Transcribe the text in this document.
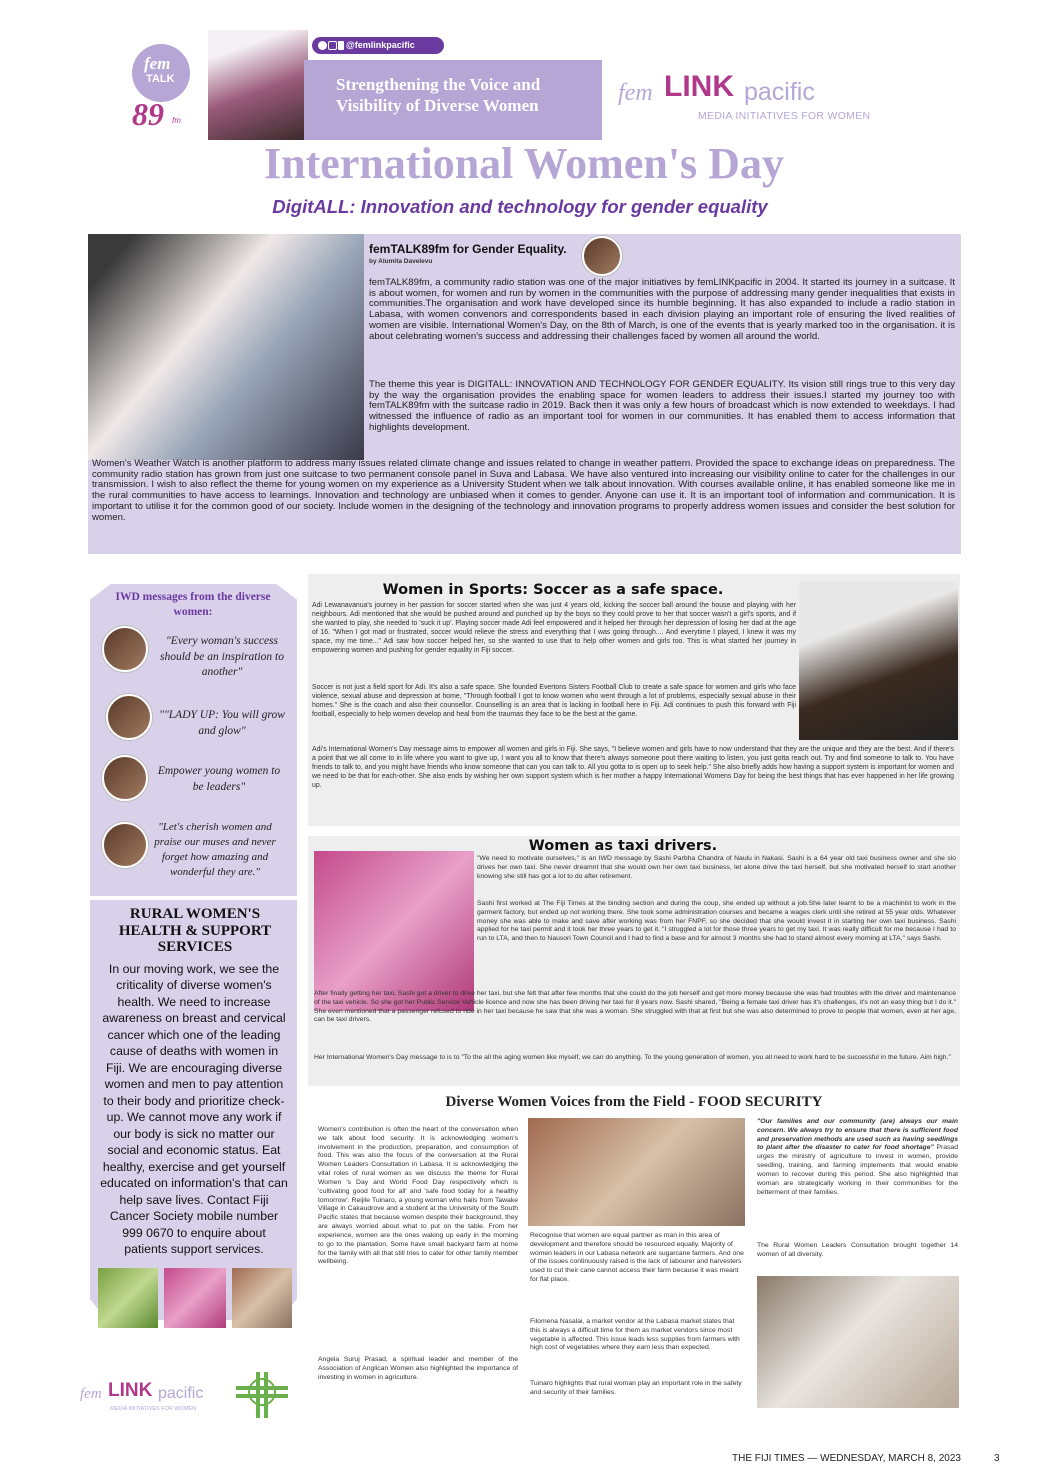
fem
TALK
89 fm
@femlinkpacific
Strengthening the Voice and
Visibility of Diverse Women	fem LINK pacific
MEDIA INITIATIVES FOR WOMEN
International Women's Day
DigitALL: Innovation and technology for gender equality
femTALK89fm for Gender Equality.
by Alumita Davelevu
femTALK89fm, a community radio station was one of the major initiatives by femLINKpacific in 2004. It started its journey in a suitcase. It is about women, for women and run by women in the communities with the purpose of addressing many gender inequalities that exists in communities.The organisation and work have developed since its humble beginning. It has also expanded to include a radio station in Labasa, with women convenors and correspondents based in each division playing an important role of ensuring the lived realities of women are visible. International Women's Day, on the 8th of March, is one of the events that is yearly marked too in the organisation. it is about celebrating women's success and addressing their challenges faced by women all around the world.
The theme this year is DIGITALL: INNOVATION AND TECHNOLOGY FOR GENDER EQUALITY. Its vision still rings true to this very day by the way the organisation provides the enabling space for women leaders to address their issues.I started my journey too with femTALK89fm with the suitcase radio in 2019. Back then it was only a few hours of broadcast which is now extended to weekdays. I had witnessed the influence of radio as an important tool for women in our communities. It has enabled them to access information that highlights development.
Women's Weather Watch is another platform to address many issues related climate change and issues related to change in weather pattern. Provided the space to exchange ideas on preparedness. The community radio station has grown from just one suitcase to two permanent console panel in Suva and Labasa. We have also ventured into increasing our visibility online to cater for the challenges in our transmission. I wish to also reflect the theme for young women on my experience as a University Student when we talk about innovation. With courses available online, it has enabled someone like me in the rural communities to have access to learnings. Innovation and technology are unbiased when it comes to gender. Anyone can use it. It is an important tool of information and communication. It is important to utilise it for the common good of our society. Include women in the designing of the technology and innovation programs to properly address women issues and consider the best solution for women.
IWD messages from the diverse women:
"Every woman's success should be an inspiration to another"
""LADY UP: You will grow and glow"
Empower young women to be leaders"
"Let's cherish women and praise our muses and never forget how amazing and wonderful they are."
RURAL WOMEN'S HEALTH & SUPPORT SERVICES
In our moving work, we see the criticality of diverse women's health. We need to increase awareness on breast and cervical cancer which one of the leading cause of deaths with women in Fiji. We are encouraging diverse women and men to pay attention to their body and prioritize check-up. We cannot move any work if our body is sick no matter our social and economic status. Eat healthy, exercise and get yourself educated on information's that can help save lives. Contact Fiji Cancer Society mobile number 999 0670 to enquire about patients support services.
fem LINK pacific
MEDIA INITIATIVES FOR WOMEN
Women in Sports: Soccer as a safe space.
Adi Lewanavanua's journey in her passion for soccer started when she was just 4 years old, kicking the soccer ball around the house and playing with her neighbours. Adi mentioned that she would be pushed around and punched up by the boys so they could prove to her that soccer wasn't a girl's sports, and if she wanted to play, she needed to 'suck it up'. Playing soccer made Adi feel empowered and it helped her through her depression of losing her dad at the age of 16. "When I got mad or frustrated, soccer would relieve the stress and everything that I was going through.... And everytime I played, I knew it was my space, my me time..." Adi saw how soccer helped her, so she wanted to use that to help other women and girls too. This is what started her journey in empowering women and pushing for gender equality in Fiji soccer.
Soccer is not just a field sport for Adi. It's also a safe space. She founded Evertons Sisters Football Club to create a safe space for women and girls who face violence, sexual abuse and depression at home, "Through football I got to know women who went through a lot of problems, especially sexual abuse in their homes." She is the coach and also their counsellor. Counselling is an area that is lacking in football here in Fiji. Adi continues to push this forward with Fiji football, especially to help women develop and heal from the traumas they face to be the best at the game.
Adi's International Women's Day message aims to empower all women and girls in Fiji. She says, "I believe women and girls have to now understand that they are the unique and they are the best. And if there's a point that we all come to in life where you want to give up, I want you all to know that there's always someone pout there waiting to listen, you just gotta reach out. Try and find someone to talk to. You have friends to talk to, and you might have friends who know someone that can you can talk to. All you gotta to is open up to seek help." She also briefly adds how having a support system is important for women and we need to be that for each-other. She also ends by wishing her own support system which is her mother a happy International Womens Day for being the best things that has ever happened in her life growing up.
Women as taxi drivers.
"We need to motivate ourselves," is an IWD message by Sashi Parbha Chandra of Naulu in Nakasi. Sashi is a 64 year old taxi business owner and she slo drives her own taxi. She never dreamnt that she would own her own taxi business, let alone drive the taxi herself, but she motivated herself to start another knowing she still has got a lot to do after retirement.
Sashi first worked at The Fiji Times at the binding section and during the coup, she ended up without a job.She later learnt to be a machinist to work in the garment factory, but ended up not working there. She took some administration courses and became a wages clerk until she retired at 55 year olds. Whatever money she was able to make and save after working was from her FNPF, so she decided that she would invest it in starting her own taxi business. Sashi applied for he taxi permit and it took her three years to get it. "I struggled a lot for those three years to get my taxi. It was really difficult for me because I had to run to LTA, and then to Nausori Town Council and I had to find a base and for almost 3 months she had to stand almost every morning at LTA," says Sashi.
After finally getting her taxi, Sashi got a driver to drive her taxi, but she felt that after few months that she could do the job herself and get more money because she was had troubles with the driver and maintenance of the taxi vehicle. So she got her Public Service Vehicle licence and now she has been driving her taxi for 8 years now. Sashi shared, "Being a female taxi driver has it's challenges, it's not an easy thing but I do it." She even mentioned that a passenger refused to ride in her taxi because he saw that she was a woman. She struggled with that at first but she was also determined to prove to people that women, even at her age, can be taxi drivers.
Her International Women's Day message to is to "To the all the aging women like myself, we can do anything. To the young generation of women, you all need to work hard to be successful in the future. Aim high."
Diverse Women Voices from the Field - FOOD SECURITY
Women's contribution is often the heart of the conversation when we talk about food security. It is acknowledging women's involvement in the production, preparation, and consumption of food. This was also the focus of the conversation at the Rural Women Leaders Consultation in Labasa. It is acknowledging the vital roles of rural women as we discuss the theme for Rural Women 's Day and World Food Day respectively which is 'cultivating good food for all' and 'safe food today for a healthy tomorrow'. Reijile Tuinaro, a young woman who hails from Tawake Village in Cakaudrove and a student at the University of the South Pacific states that because women despite their background, they are always worried about what to put on the table. From her experience, women are the ones waking up early in the morning to go to the plantation. Some have small backyard farm at home for the family with all that still tries to cater for other family member wellbeing.
Angela Suruj Prasad, a spiritual leader and member of the Association of Anglican Women also highlighted the importance of investing in women in agriculture.
Recognise that women are equal partner as man in this area of development and therefore should be resourced equally. Majority of women leaders in our Labasa network are sugarcane farmers. And one of the issues continuously raised is the lack of labourer and harvesters used to cut their cane cannot access their farm because it was meant for flat place.
Filomena Nasalai, a market vendor at the Labasa market states that this is always a difficult time for them as market vendors since most vegetable is affected. This issue leads less supplies from farmers with high cost of vegetables where they earn less than expected.
Tuinaro highlights that rural woman play an important role in the safety and security of their families.
"Our families and our community (are) always our main concern. We always try to ensure that there is sufficient food and preservation methods are used such as having seedlings to plant after the disaster to cater for food shortage" Prasad urges the ministry of agriculture to invest in women, provide seedling, training, and farming implements that would enable women to recover during this period. She also highlighted that woman are strategically working in their communities for the betterment of their families.
The Rural Women Leaders Consultation brought together 14 women of all diversity.
THE FIJI TIMES — WEDNESDAY, MARCH 8, 2023	3
